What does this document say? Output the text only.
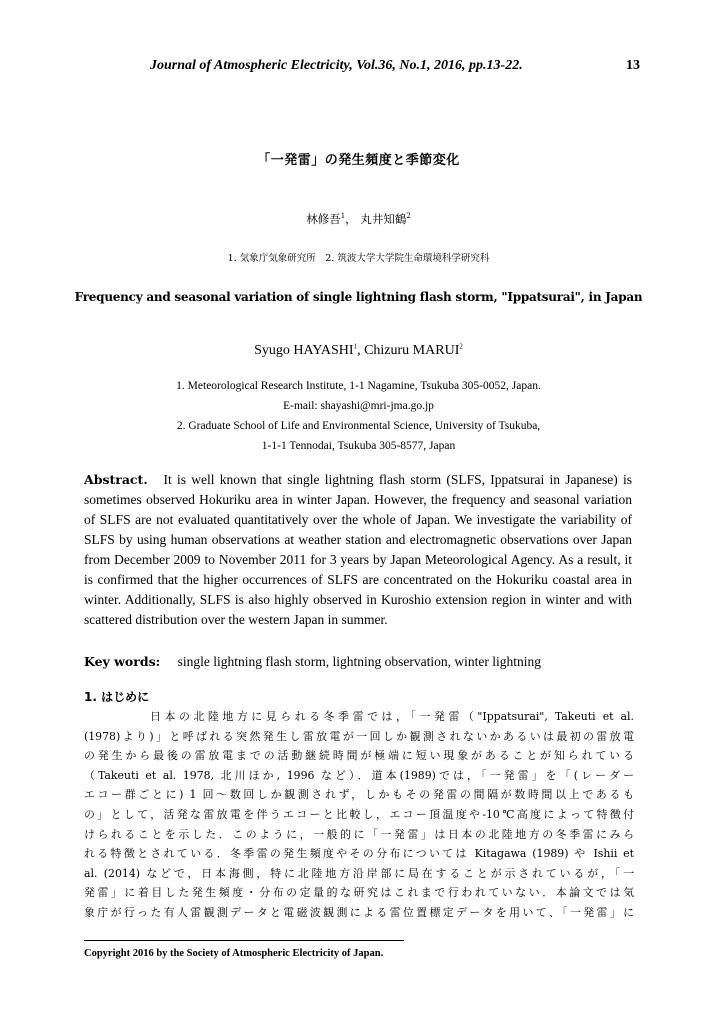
Journal of Atmospheric Electricity, Vol.36, No.1, 2016, pp.13-22.	13
「一発雷」の発生頻度と季節変化
林修吾$^1$， 丸井知鶴$^2$
1. 気象庁気象研究所　2. 筑波大学大学院生命環境科学研究科
Frequency and seasonal variation of single lightning flash storm, "Ippatsurai", in Japan
Syugo HAYASHI$^1$, Chizuru MARUI$^2$
1. Meteorological Research Institute, 1-1 Nagamine, Tsukuba 305-0052, Japan.
E-mail: shayashi@mri-jma.go.jp
2. Graduate School of Life and Environmental Science, University of Tsukuba,
1-1-1 Tennodai, Tsukuba 305-8577, Japan
Abstract. It is well known that single lightning flash storm (SLFS, Ippatsurai in Japanese) is sometimes observed Hokuriku area in winter Japan. However, the frequency and seasonal variation of SLFS are not evaluated quantitatively over the whole of Japan. We investigate the variability of SLFS by using human observations at weather station and electromagnetic observations over Japan from December 2009 to November 2011 for 3 years by Japan Meteorological Agency. As a result, it is confirmed that the higher occurrences of SLFS are concentrated on the Hokuriku coastal area in winter. Additionally, SLFS is also highly observed in Kuroshio extension region in winter and with scattered distribution over the western Japan in summer.
Key words: single lightning flash storm, lightning observation, winter lightning
1. はじめに
日本の北陸地方に見られる冬季雷では，「一発雷（"Ippatsurai", Takeuti et al.
(1978)より)」と呼ばれる突然発生し雷放電が一回しか観測されないかあるいは最初の雷放電
の発生から最後の雷放電までの活動継続時間が極端に短い現象があることが知られている
（Takeuti et al. 1978, 北川ほか, 1996 など）．道本(1989)では，「一発雷」を「(レーダー
エコー群ごとに) 1 回～数回しか観測されず，しかもその発雷の間隔が数時間以上であるも
の」として，活発な雷放電を伴うエコーと比較し，エコー頂温度や-10℃高度によって特徴付
けられることを示した．このように，一般的に「一発雷」は日本の北陸地方の冬季雷にみら
れる特徴とされている．冬季雷の発生頻度やその分布については Kitagawa (1989) や Ishii et
al. (2014) などで，日本海側，特に北陸地方沿岸部に局在することが示されているが，「一
発雷」に着目した発生頻度・分布の定量的な研究はこれまで行われていない．本論文では気
象庁が行った有人雷観測データと電磁波観測による雷位置標定データを用いて、「一発雷」に
Copyright 2016 by the Society of Atmospheric Electricity of Japan.
